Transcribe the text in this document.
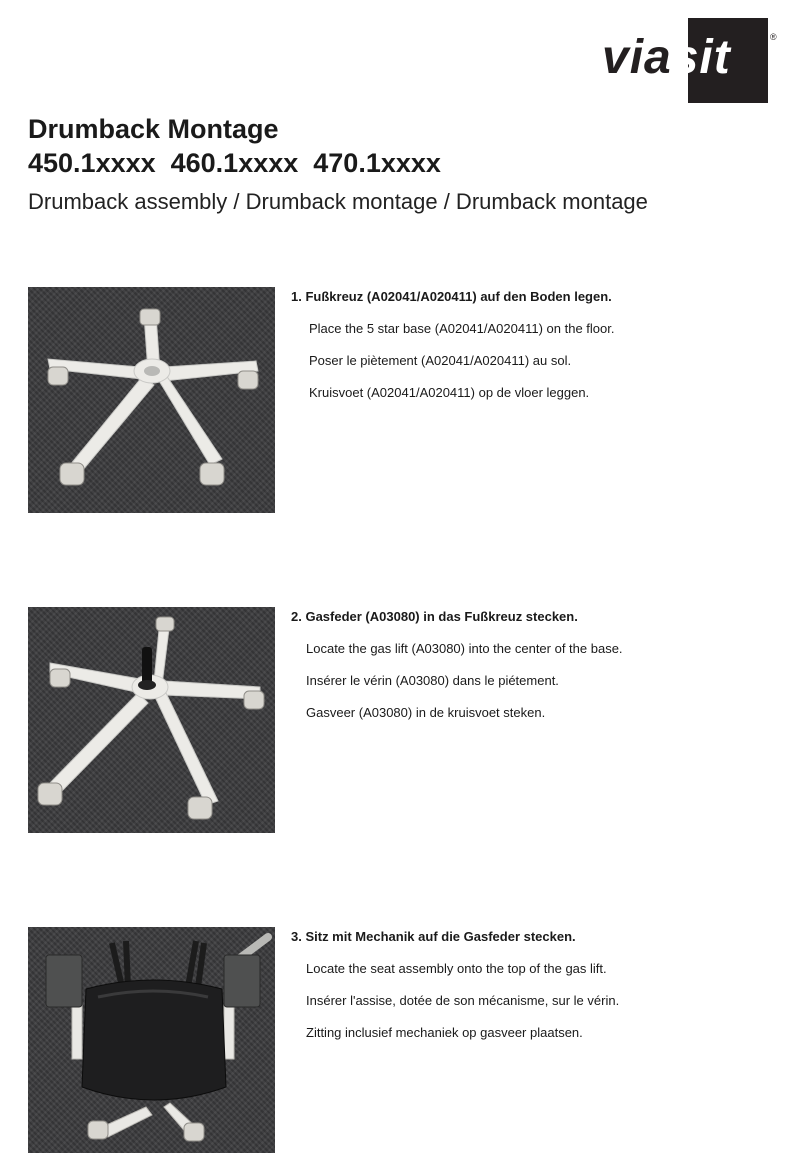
viasit	®
Drumback Montage
450.1xxxx  460.1xxxx  470.1xxxx
Drumback assembly / Drumback montage / Drumback montage

1. Fußkreuz (A02041/A020411) auf den Boden legen.

Place the 5 star base (A02041/A020411) on the floor.

Poser le piètement (A02041/A020411) au sol.

Kruisvoet (A02041/A020411) op de vloer leggen.

2. Gasfeder (A03080) in das Fußkreuz stecken.

Locate the gas lift (A03080) into the center of the base.

Insérer le vérin (A03080) dans le piétement.

Gasveer (A03080) in de kruisvoet steken.

3. Sitz mit Mechanik auf die Gasfeder stecken.

Locate the seat assembly onto the top of the gas lift.

Insérer l'assise, dotée de son mécanisme, sur le vérin.

Zitting inclusief mechaniek op gasveer plaatsen.
